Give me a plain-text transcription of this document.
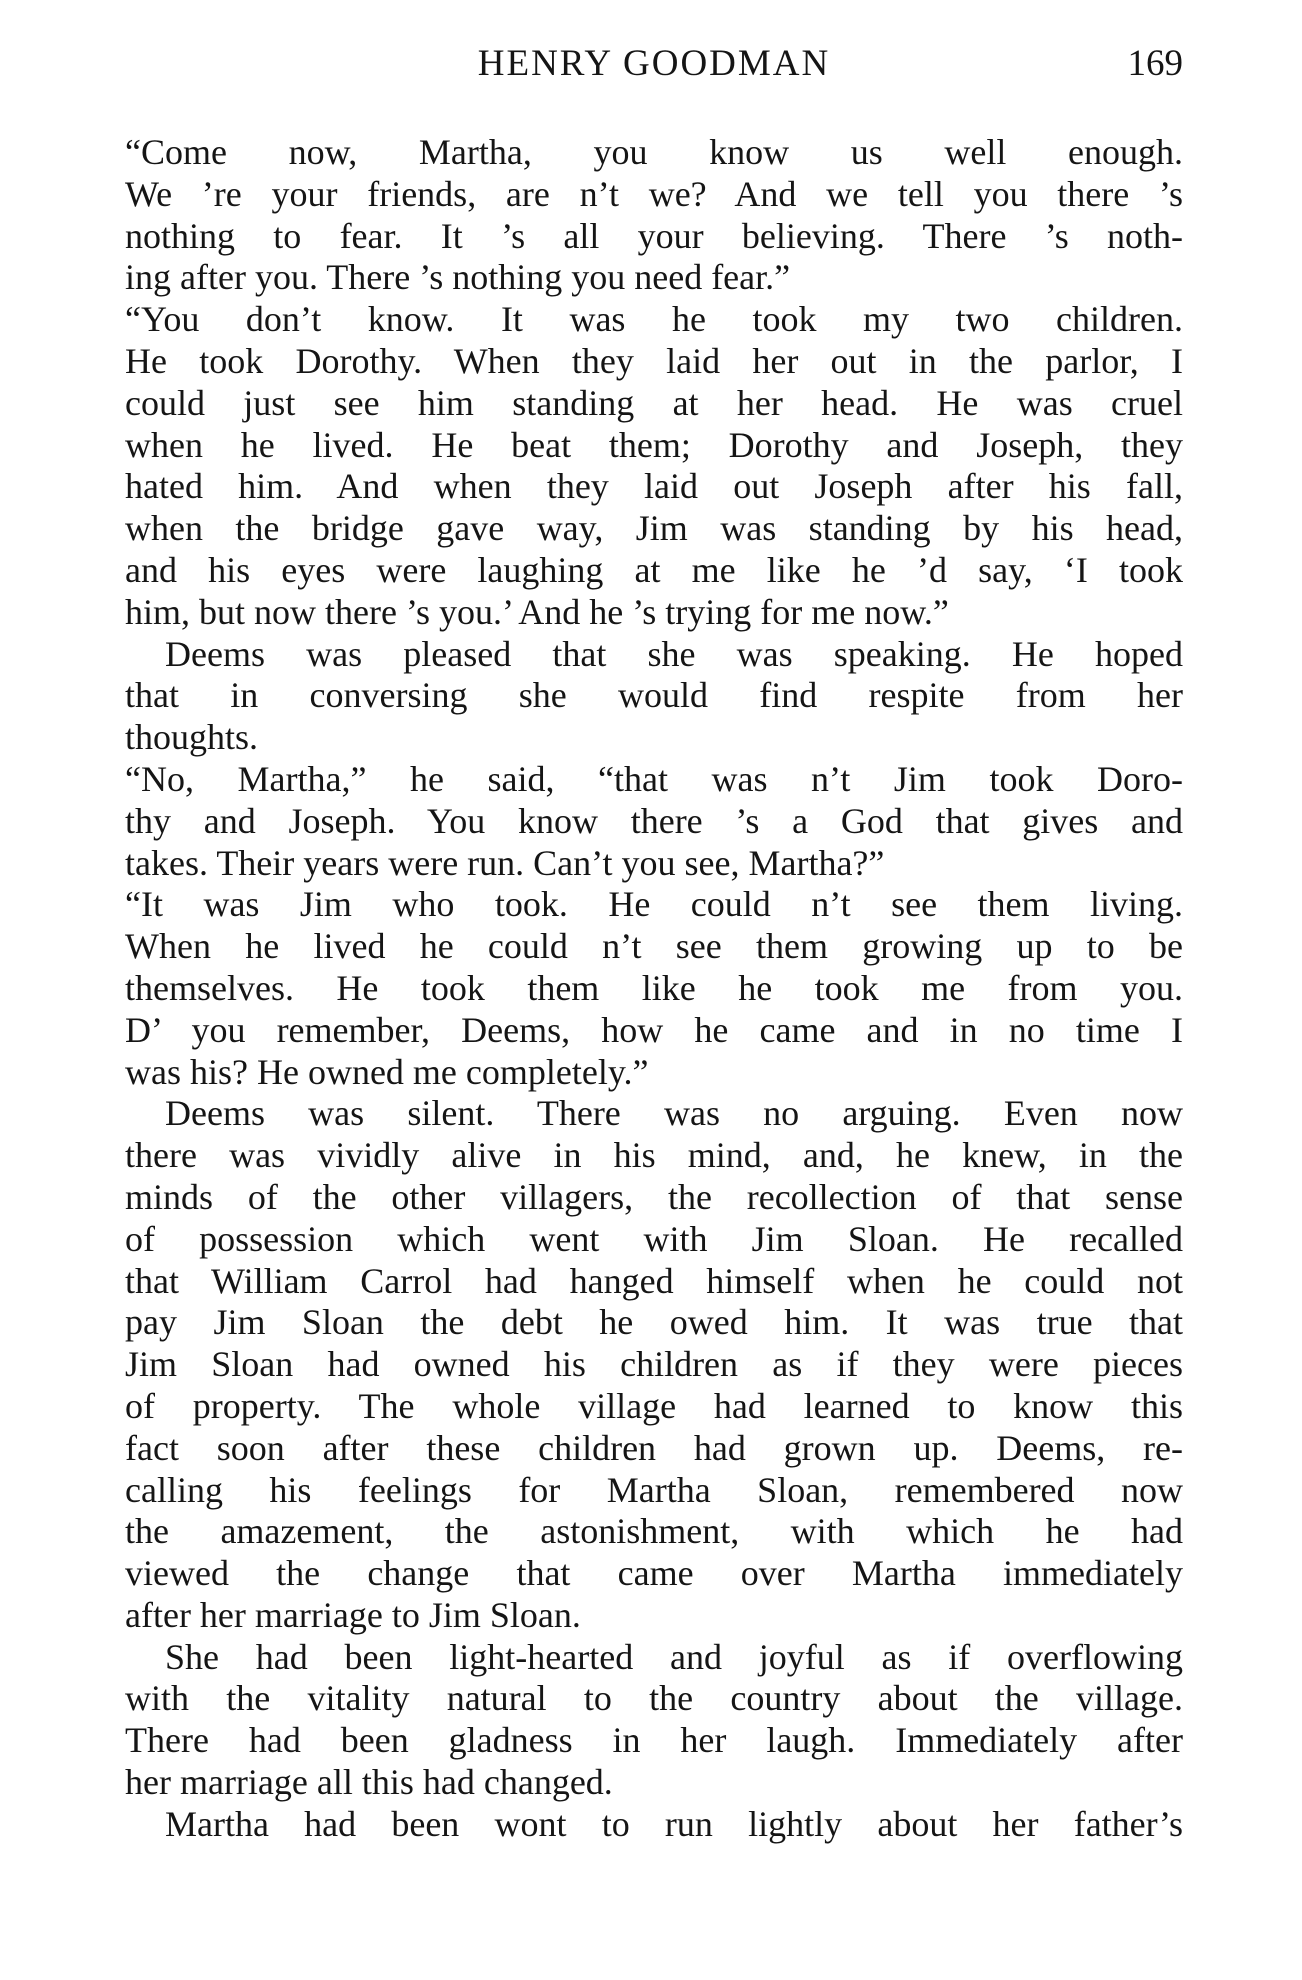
HENRY GOODMAN	169
“Come now, Martha, you know us well enough.
We ’re your friends, are n’t we? And we tell you there ’s
nothing to fear. It ’s all your believing. There ’s noth-
ing after you. There ’s nothing you need fear.”
“You don’t know. It was he took my two children.
He took Dorothy. When they laid her out in the parlor, I
could just see him standing at her head. He was cruel
when he lived. He beat them; Dorothy and Joseph, they
hated him. And when they laid out Joseph after his fall,
when the bridge gave way, Jim was standing by his head,
and his eyes were laughing at me like he ’d say, ‘I took
him, but now there ’s you.’ And he ’s trying for me now.”
Deems was pleased that she was speaking. He hoped
that in conversing she would find respite from her
thoughts.
“No, Martha,” he said, “that was n’t Jim took Doro-
thy and Joseph. You know there ’s a God that gives and
takes. Their years were run. Can’t you see, Martha?”
“It was Jim who took. He could n’t see them living.
When he lived he could n’t see them growing up to be
themselves. He took them like he took me from you.
D’ you remember, Deems, how he came and in no time I
was his? He owned me completely.”
Deems was silent. There was no arguing. Even now
there was vividly alive in his mind, and, he knew, in the
minds of the other villagers, the recollection of that sense
of possession which went with Jim Sloan. He recalled
that William Carrol had hanged himself when he could not
pay Jim Sloan the debt he owed him. It was true that
Jim Sloan had owned his children as if they were pieces
of property. The whole village had learned to know this
fact soon after these children had grown up. Deems, re-
calling his feelings for Martha Sloan, remembered now
the amazement, the astonishment, with which he had
viewed the change that came over Martha immediately
after her marriage to Jim Sloan.
She had been light-hearted and joyful as if overflowing
with the vitality natural to the country about the village.
There had been gladness in her laugh. Immediately after
her marriage all this had changed.
Martha had been wont to run lightly about her father’s
